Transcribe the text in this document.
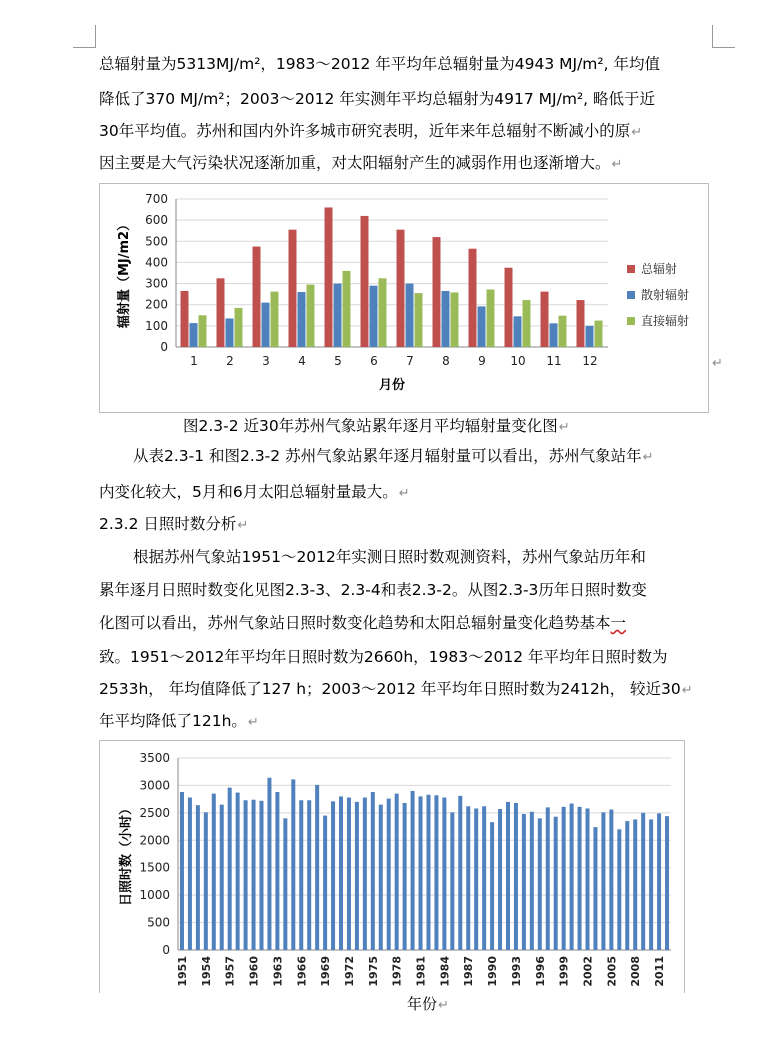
总辐射量为5313MJ/m²，1983～2012 年平均年总辐射量为4943 MJ/m², 年均值
降低了370 MJ/m²；2003～2012 年实测年平均总辐射为4917 MJ/m², 略低于近
30年平均值。苏州和国内外许多城市研究表明，近年来年总辐射不断减小的原↵
因主要是大气污染状况逐渐加重，对太阳辐射产生的减弱作用也逐渐增大。↵
0
100
200
300
400
500
600
700
1 2 3 4 5 6 7 8 9 10 11 12
月份
辐射量（MJ/m2）	总辐射
散射辐射
直接辐射
↵
图2.3-2 近30年苏州气象站累年逐月平均辐射量变化图↵
从表2.3-1 和图2.3-2 苏州气象站累年逐月辐射量可以看出，苏州气象站年↵
内变化较大，5月和6月太阳总辐射量最大。↵
2.3.2 日照时数分析↵
根据苏州气象站1951～2012年实测日照时数观测资料，苏州气象站历年和
累年逐月日照时数变化见图2.3-3、2.3-4和表2.3-2。从图2.3-3历年日照时数变
化图可以看出，苏州气象站日照时数变化趋势和太阳总辐射量变化趋势基本一
致。1951～2012年平均年日照时数为2660h，1983～2012 年平均年日照时数为
2533h， 年均值降低了127 h；2003～2012 年平均年日照时数为2412h， 较近30↵
年平均降低了121h。↵
0
500
1000
1500
2000
2500
3000
3500
1951 1954 1957 1960 1963 1966 1969 1972 1975 1978 1981 1984 1987 1990 1993 1996 1999 2002 2005 2008 2011
日照时数（小时）
年份↵
